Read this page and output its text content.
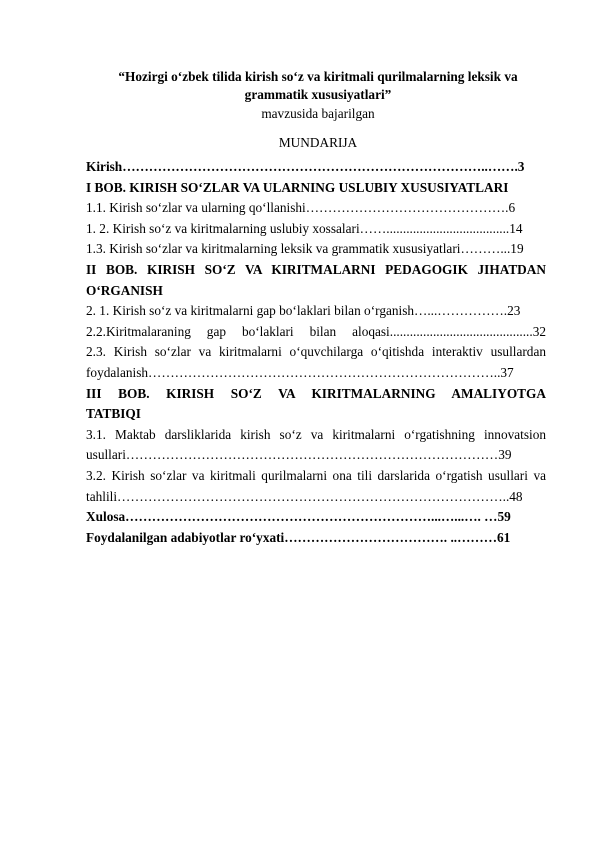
“Hozirgi o‘zbek tilida kirish so‘z va kiritmali qurilmalarning leksik va grammatik xususiyatlari”
mavzusida bajarilgan
MUNDARIJA
Kirish………………………………………………………………………..…….3
I BOB. KIRISH SO‘ZLAR VA ULARNING USLUBIY XUSUSIYATLARI
1.1. Kirish so‘zlar va ularning qo‘llanishi……………………………………….6
1. 2. Kirish so‘z va kiritmalarning uslubiy xossalari…….....................................14
1.3. Kirish so‘zlar va kiritmalarning leksik va grammatik xususiyatlari………...19
II BOB. KIRISH SO‘Z VA KIRITMALARNI PEDAGOGIK JIHATDAN
O‘RGANISH
2. 1. Kirish so‘z va kiritmalarni gap bo‘laklari bilan o‘rganish…...…………….23
2.2.Kiritmalaraning gap bo‘laklari bilan aloqasi...........................................32
2.3. Kirish so‘zlar va kiritmalarni o‘quvchilarga o‘qitishda interaktiv usullardan
foydalanish……………………………………………………………………..37
III BOB. KIRISH SO‘Z VA KIRITMALARNING AMALIYOTGA
TATBIQI
3.1. Maktab darsliklarida kirish so‘z va kiritmalarni o‘rgatishning innovatsion
usullari…………………………………………………………………………39
3.2. Kirish so‘zlar va kiritmali qurilmalarni ona tili darslarida o‘rgatish usullari va
tahlili……………………………………………………………………………..48
Xulosa……………………………………………………………...…...…. …59
Foydalanilgan adabiyotlar ro‘yxati………………………………. ..………61
